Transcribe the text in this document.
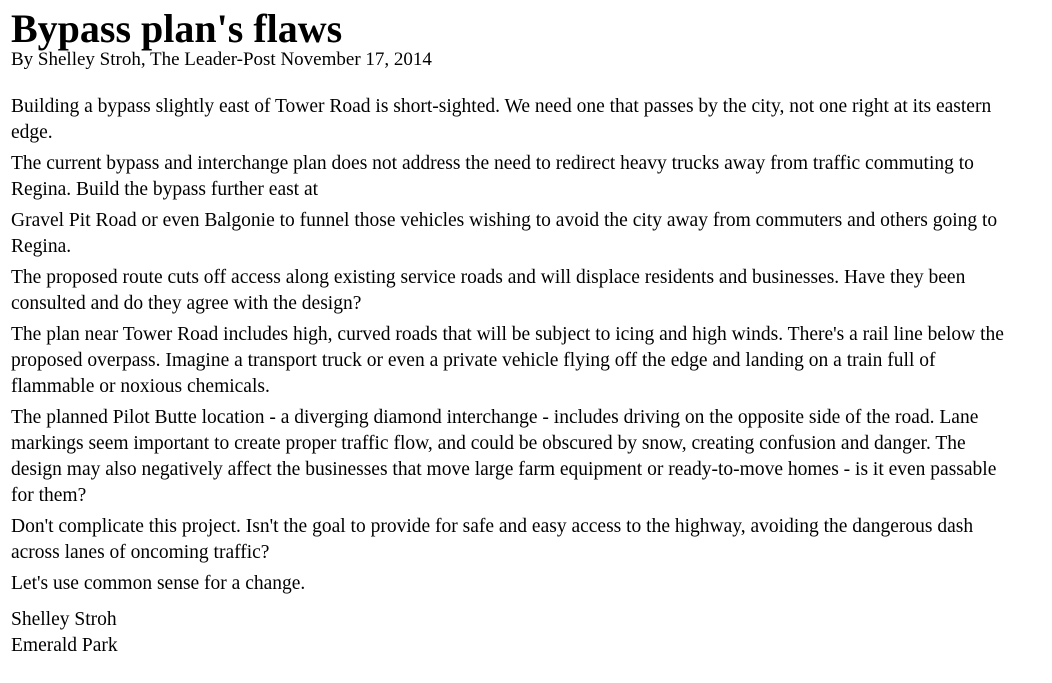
Bypass plan's flaws
By Shelley Stroh, The Leader-Post November 17, 2014

Building a bypass slightly east of Tower Road is short-sighted. We need one that passes by the city, not one right at its eastern edge.

The current bypass and interchange plan does not address the need to redirect heavy trucks away from traffic commuting to Regina. Build the bypass further east at

Gravel Pit Road or even Balgonie to funnel those vehicles wishing to avoid the city away from commuters and others going to Regina.

The proposed route cuts off access along existing service roads and will displace residents and businesses. Have they been consulted and do they agree with the design?

The plan near Tower Road includes high, curved roads that will be subject to icing and high winds. There's a rail line below the proposed overpass. Imagine a transport truck or even a private vehicle flying off the edge and landing on a train full of flammable or noxious chemicals.

The planned Pilot Butte location - a diverging diamond interchange - includes driving on the opposite side of the road. Lane markings seem important to create proper traffic flow, and could be obscured by snow, creating confusion and danger. The design may also negatively affect the businesses that move large farm equipment or ready-to-move homes - is it even passable for them?

Don't complicate this project. Isn't the goal to provide for safe and easy access to the highway, avoiding the dangerous dash across lanes of oncoming traffic?

Let's use common sense for a change.

Shelley Stroh
Emerald Park
